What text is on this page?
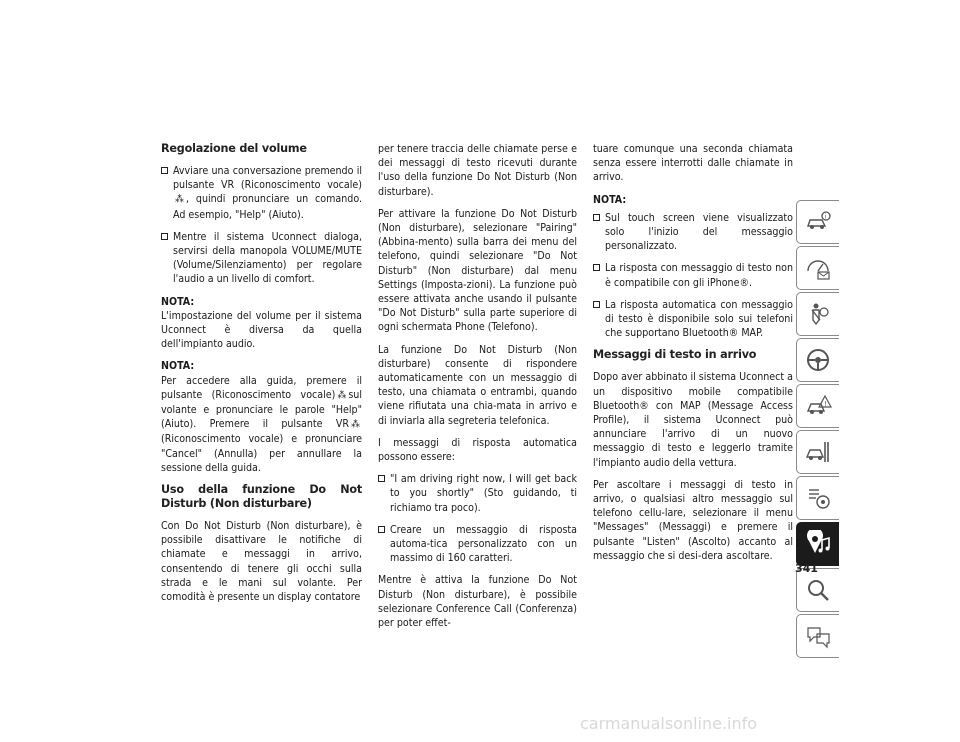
Regolazione del volume
Avviare una conversazione premendo il pulsante VR (Riconoscimento vocale)⁂ , quindi pronunciare un comando. Ad esempio, "Help" (Aiuto).
Mentre il sistema Uconnect dialoga, servirsi della manopola VOLUME/MUTE (Volume/Silenziamento) per regolare l'audio a un livello di comfort.

NOTA:
L'impostazione del volume per il sistema Uconnect è diversa da quella dell'impianto audio.

NOTA:
Per accedere alla guida, premere il pulsante (Riconoscimento vocale) ⁂ sul volante e pronunciare le parole "Help" (Aiuto). Premere il pulsante VR ⁂(Riconoscimento vocale) e pronunciare "Cancel" (Annulla) per annullare la sessione della guida.

Uso della funzione Do Not Disturb (Non disturbare)

Con Do Not Disturb (Non disturbare), è possibile disattivare le notifiche di chiamate e messaggi in arrivo, consentendo di tenere gli occhi sulla strada e le mani sul volante. Per comodità è presente un display contatore

per tenere traccia delle chiamate perse e dei messaggi di testo ricevuti durante l'uso della funzione Do Not Disturb (Non disturbare).

Per attivare la funzione Do Not Disturb (Non disturbare), selezionare "Pairing" (Abbina-mento) sulla barra dei menu del telefono, quindi selezionare "Do Not Disturb" (Non disturbare) dal menu Settings (Imposta-zioni). La funzione può essere attivata anche usando il pulsante "Do Not Disturb" sulla parte superiore di ogni schermata Phone (Telefono).

La funzione Do Not Disturb (Non disturbare) consente di rispondere automaticamente con un messaggio di testo, una chiamata o entrambi, quando viene rifiutata una chia-mata in arrivo e di inviarla alla segreteria telefonica.

I messaggi di risposta automatica possono essere:

"I am driving right now, I will get back to you shortly" (Sto guidando, ti richiamo tra poco).
Creare un messaggio di risposta automa-tica personalizzato con un massimo di 160 caratteri.

Mentre è attiva la funzione Do Not Disturb (Non disturbare), è possibile selezionare Conference Call (Conferenza) per poter effet-

tuare comunque una seconda chiamata senza essere interrotti dalle chiamate in arrivo.

NOTA:

Sul touch screen viene visualizzato solo l'inizio del messaggio personalizzato.
La risposta con messaggio di testo non è compatibile con gli iPhone®.
La risposta automatica con messaggio di testo è disponibile solo sui telefoni che supportano Bluetooth® MAP.
Messaggi di testo in arrivo

Dopo aver abbinato il sistema Uconnect a un dispositivo mobile compatibile Bluetooth® con MAP (Message Access Profile), il sistema Uconnect può annunciare l'arrivo di un nuovo messaggio di testo e leggerlo tramite l'impianto audio della vettura.

Per ascoltare i messaggi di testo in arrivo, o qualsiasi altro messaggio sul telefono cellu-lare, selezionare il menu "Messages" (Messaggi) e premere il pulsante "Listen" (Ascolto) accanto al messaggio che si desi-dera ascoltare.

i
!
341
carmanualsonline.info
